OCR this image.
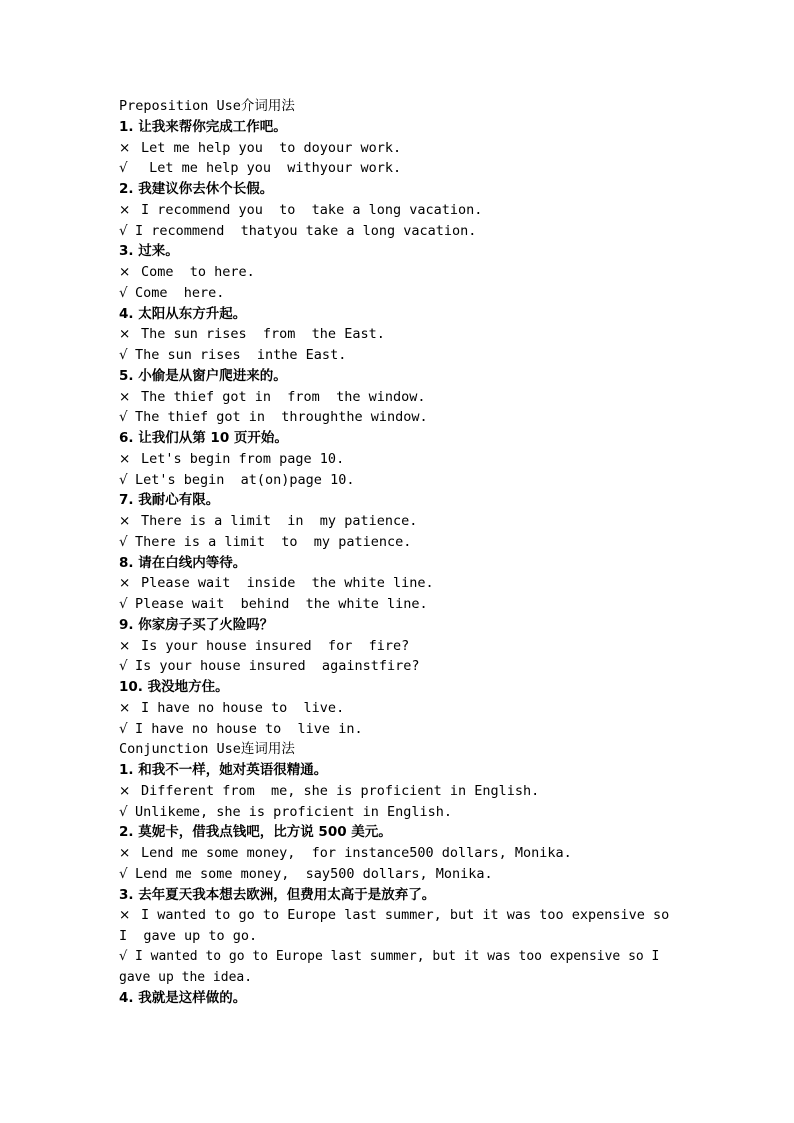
Preposition Use介词用法
1. 让我来帮你完成工作吧。
× Let me help you  to doyour work.
√ Let me help you  withyour work.
2. 我建议你去休个长假。
× I recommend you  to  take a long vacation.
√ I recommend  thatyou take a long vacation.
3. 过来。
× Come  to here.
√ Come  here.
4. 太阳从东方升起。
× The sun rises  from  the East.
√ The sun rises  inthe East.
5. 小偷是从窗户爬进来的。
× The thief got in  from  the window.
√ The thief got in  throughthe window.
6. 让我们从第 10 页开始。
× Let's begin from page 10.
√ Let's begin  at(on)page 10.
7. 我耐心有限。
× There is a limit  in  my patience.
√ There is a limit  to  my patience.
8. 请在白线内等待。
× Please wait  inside  the white line.
√ Please wait  behind  the white line.
9. 你家房子买了火险吗？
× Is your house insured  for  fire?
√ Is your house insured  againstfire?
10. 我没地方住。
× I have no house to  live.
√ I have no house to  live in.
Conjunction Use连词用法
1. 和我不一样，她对英语很精通。
× Different from  me, she is proficient in English.
√ Unlikeme, she is proficient in English.
2. 莫妮卡，借我点钱吧，比方说 500 美元。
× Lend me some money,  for instance500 dollars, Monika.
√ Lend me some money,  say500 dollars, Monika.
3. 去年夏天我本想去欧洲，但费用太高于是放弃了。
× I wanted to go to Europe last summer, but it was too expensive so I  gave up to go.
√ I wanted to go to Europe last summer, but it was too expensive so I  gave up the idea.
4. 我就是这样做的。
